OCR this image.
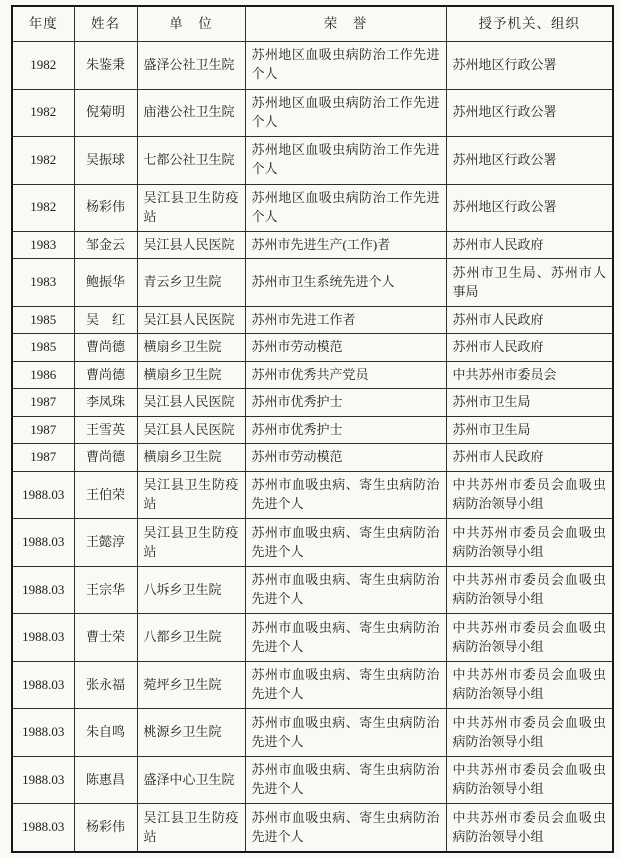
年度	姓名	单　位	荣　誉	授予机关、组织
1982	朱鉴秉	盛泽公社卫生院	苏州地区血吸虫病防治工作先进个人	苏州地区行政公署
1982	倪菊明	庙港公社卫生院	苏州地区血吸虫病防治工作先进个人	苏州地区行政公署
1982	吴振球	七都公社卫生院	苏州地区血吸虫病防治工作先进个人	苏州地区行政公署
1982	杨彩伟	吴江县卫生防疫站	苏州地区血吸虫病防治工作先进个人	苏州地区行政公署
1983	邹金云	吴江县人民医院	苏州市先进生产(工作)者	苏州市人民政府
1983	鲍振华	青云乡卫生院	苏州市卫生系统先进个人	苏州市卫生局、苏州市人事局
1985	吴　红	吴江县人民医院	苏州市先进工作者	苏州市人民政府
1985	曹尚德	横扇乡卫生院	苏州市劳动模范	苏州市人民政府
1986	曹尚德	横扇乡卫生院	苏州市优秀共产党员	中共苏州市委员会
1987	李凤珠	吴江县人民医院	苏州市优秀护士	苏州市卫生局
1987	王雪英	吴江县人民医院	苏州市优秀护士	苏州市卫生局
1987	曹尚德	横扇乡卫生院	苏州市劳动模范	苏州市人民政府
1988.03	王伯荣	吴江县卫生防疫站	苏州市血吸虫病、寄生虫病防治先进个人	中共苏州市委员会血吸虫病防治领导小组
1988.03	王懿淳	吴江县卫生防疫站	苏州市血吸虫病、寄生虫病防治先进个人	中共苏州市委员会血吸虫病防治领导小组
1988.03	王宗华	八坼乡卫生院	苏州市血吸虫病、寄生虫病防治先进个人	中共苏州市委员会血吸虫病防治领导小组
1988.03	曹士荣	八都乡卫生院	苏州市血吸虫病、寄生虫病防治先进个人	中共苏州市委员会血吸虫病防治领导小组
1988.03	张永福	菀坪乡卫生院	苏州市血吸虫病、寄生虫病防治先进个人	中共苏州市委员会血吸虫病防治领导小组
1988.03	朱自鸣	桃源乡卫生院	苏州市血吸虫病、寄生虫病防治先进个人	中共苏州市委员会血吸虫病防治领导小组
1988.03	陈惠昌	盛泽中心卫生院	苏州市血吸虫病、寄生虫病防治先进个人	中共苏州市委员会血吸虫病防治领导小组
1988.03	杨彩伟	吴江县卫生防疫站	苏州市血吸虫病、寄生虫病防治先进个人	中共苏州市委员会血吸虫病防治领导小组
